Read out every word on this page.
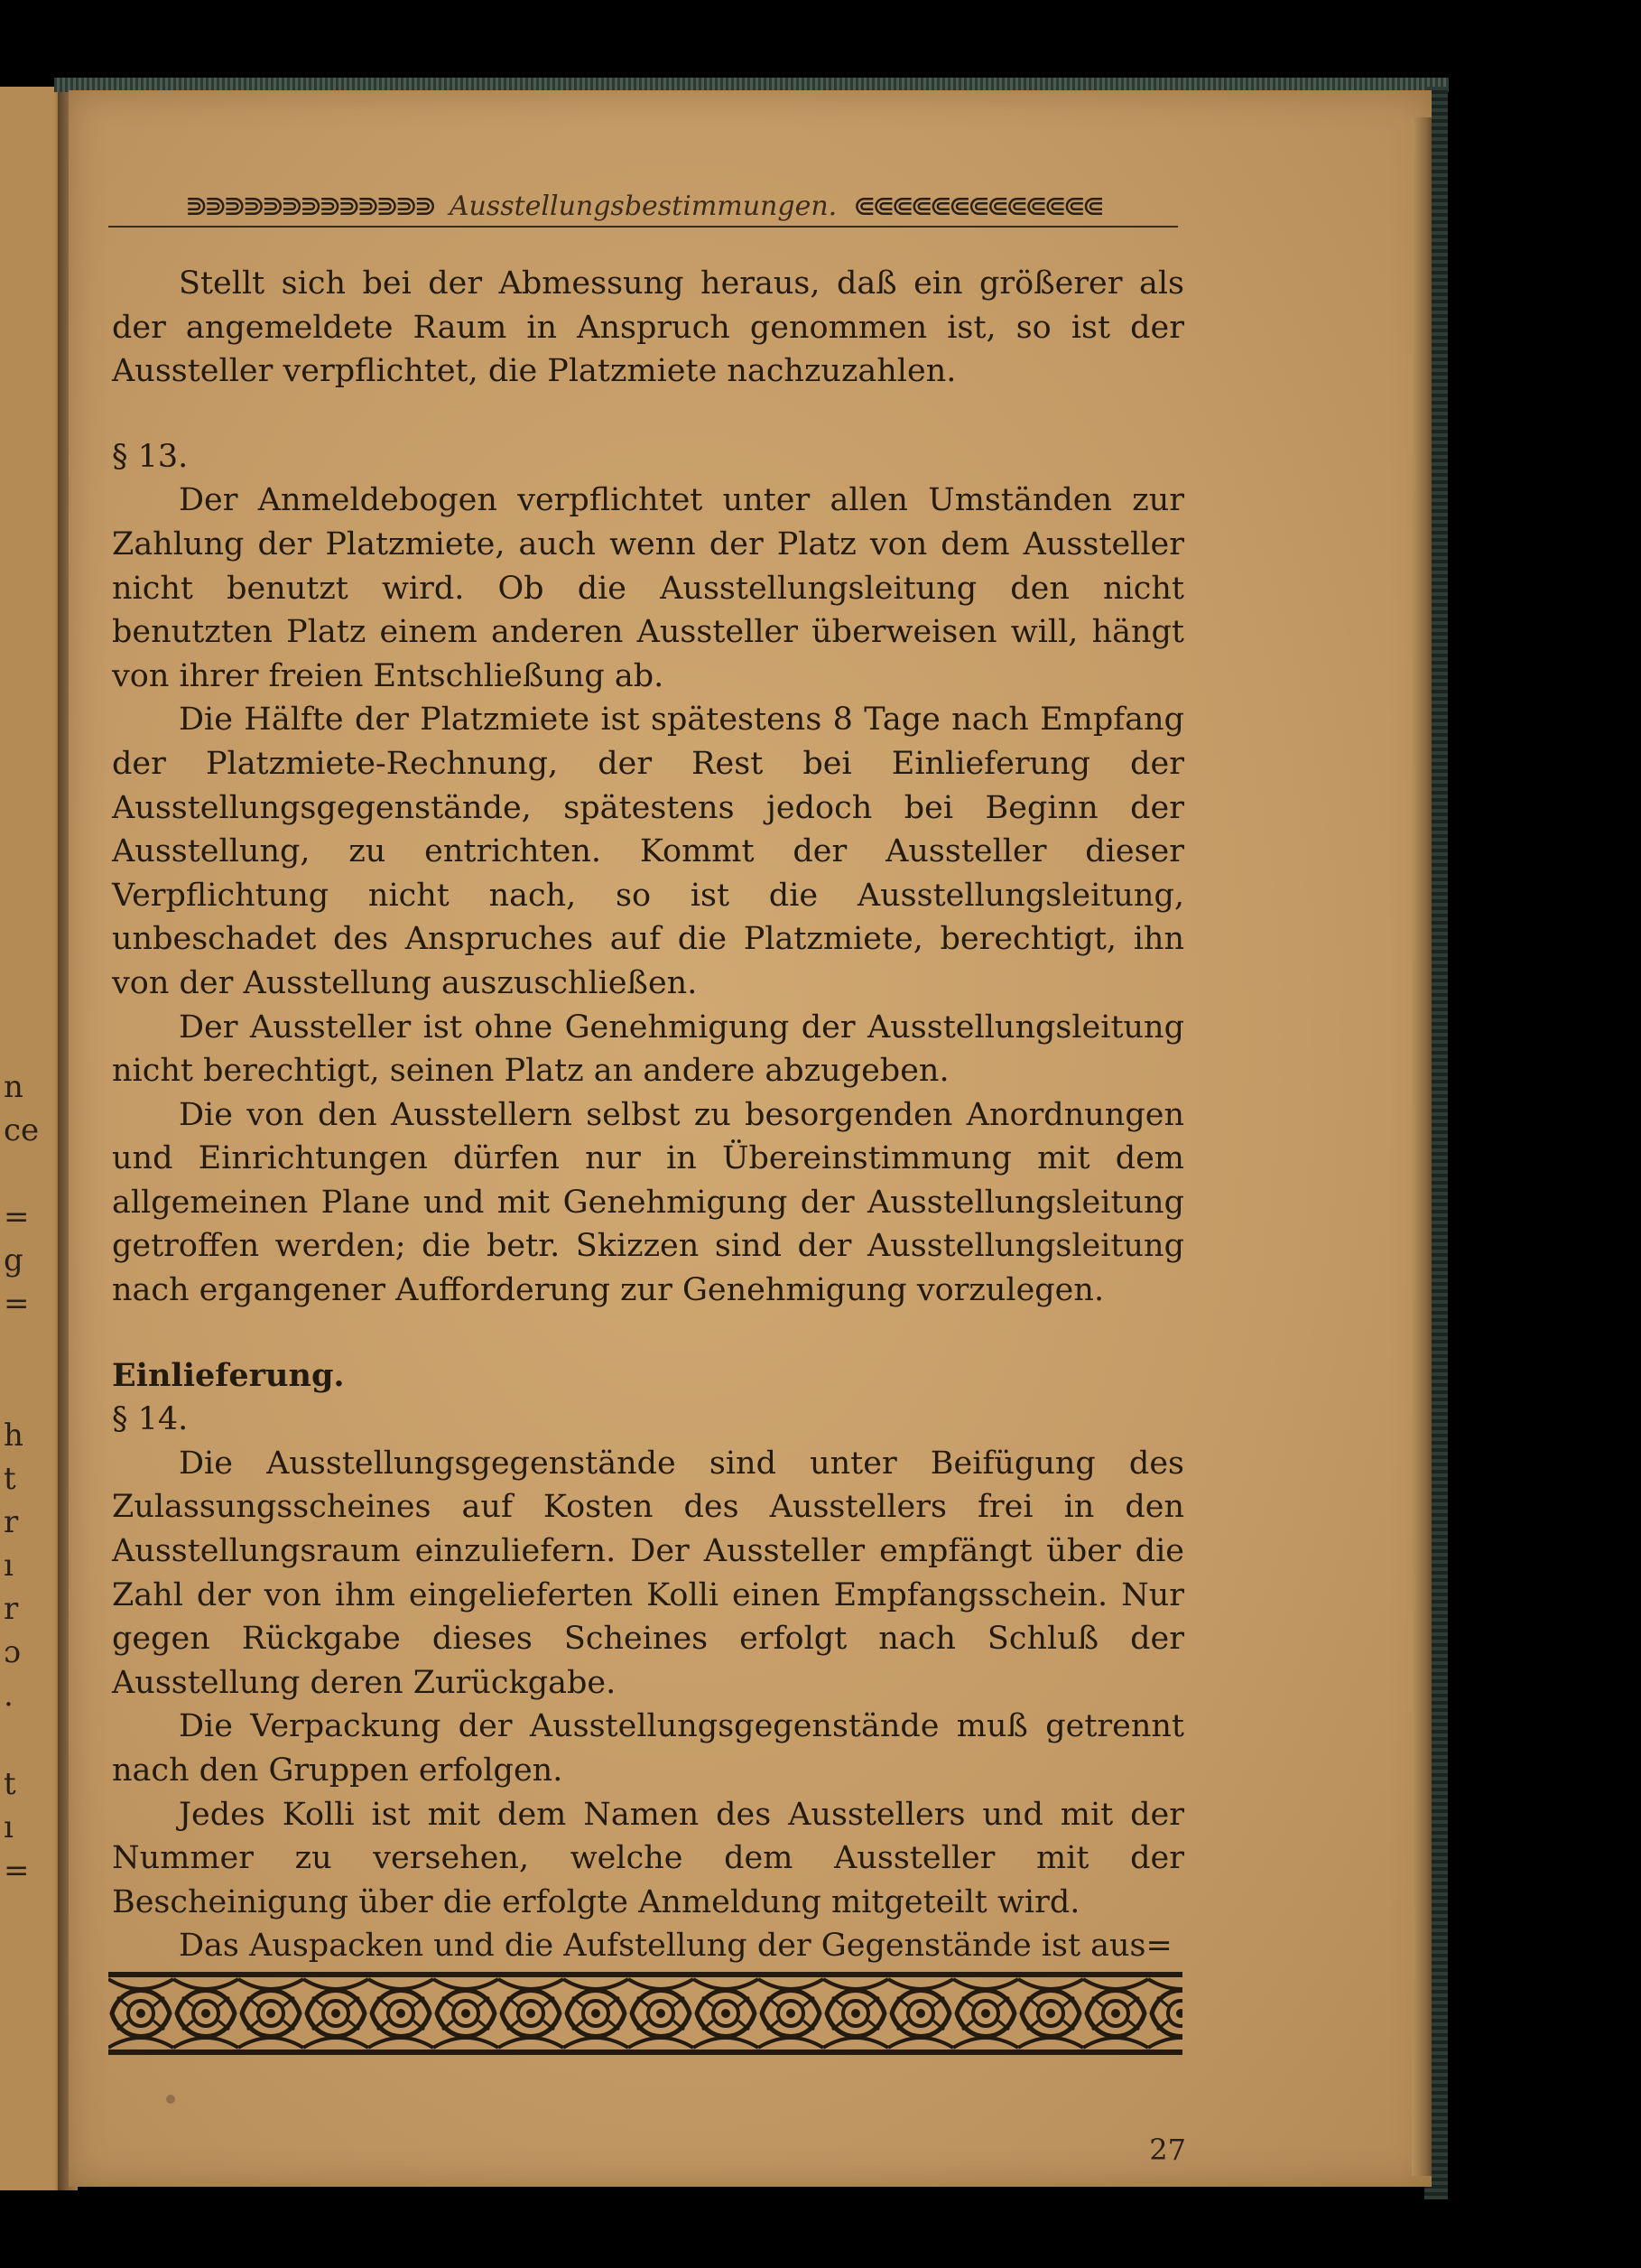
n
ce
=
g
=
h
t
r
ı
r
ɔ
.
t
ı
=
⋑⋑⋑⋑⋑⋑⋑⋑⋑⋑⋑⋑⋑ Ausstellungsbestimmungen. ⋐⋐⋐⋐⋐⋐⋐⋐⋐⋐⋐⋐⋐

Stellt sich bei der Abmessung heraus, daß ein größerer als der angemeldete Raum in Anspruch genommen ist, so ist der Aussteller verpflichtet, die Platzmiete nachzuzahlen.

§ 13.

Der Anmeldebogen verpflichtet unter allen Umständen zur Zahlung der Platzmiete, auch wenn der Platz von dem Aussteller nicht benutzt wird. Ob die Ausstellungsleitung den nicht benutzten Platz einem anderen Aussteller überweisen will, hängt von ihrer freien Entschließung ab.

Die Hälfte der Platzmiete ist spätestens 8 Tage nach Empfang der Platzmiete-Rechnung, der Rest bei Einlieferung der Ausstellungsgegenstände, spätestens jedoch bei Beginn der Ausstellung, zu entrichten. Kommt der Aussteller dieser Verpflichtung nicht nach, so ist die Ausstellungsleitung, unbeschadet des Anspruches auf die Platzmiete, berechtigt, ihn von der Ausstellung auszuschließen.

Der Aussteller ist ohne Genehmigung der Ausstellungsleitung nicht berechtigt, seinen Platz an andere abzugeben.

Die von den Ausstellern selbst zu besorgenden Anordnungen und Einrichtungen dürfen nur in Übereinstimmung mit dem allgemeinen Plane und mit Genehmigung der Ausstellungsleitung getroffen werden; die betr. Skizzen sind der Ausstellungsleitung nach ergangener Aufforderung zur Genehmigung vorzulegen.

Einlieferung.

§ 14.

Die Ausstellungsgegenstände sind unter Beifügung des Zulassungsscheines auf Kosten des Ausstellers frei in den Ausstellungsraum einzuliefern. Der Aussteller empfängt über die Zahl der von ihm eingelieferten Kolli einen Empfangsschein. Nur gegen Rückgabe dieses Scheines erfolgt nach Schluß der Ausstellung deren Zurückgabe.

Die Verpackung der Ausstellungsgegenstände muß getrennt nach den Gruppen erfolgen.

Jedes Kolli ist mit dem Namen des Ausstellers und mit der Nummer zu versehen, welche dem Aussteller mit der Bescheinigung über die erfolgte Anmeldung mitgeteilt wird.

Das Auspacken und die Aufstellung der Gegenstände ist aus=

27
